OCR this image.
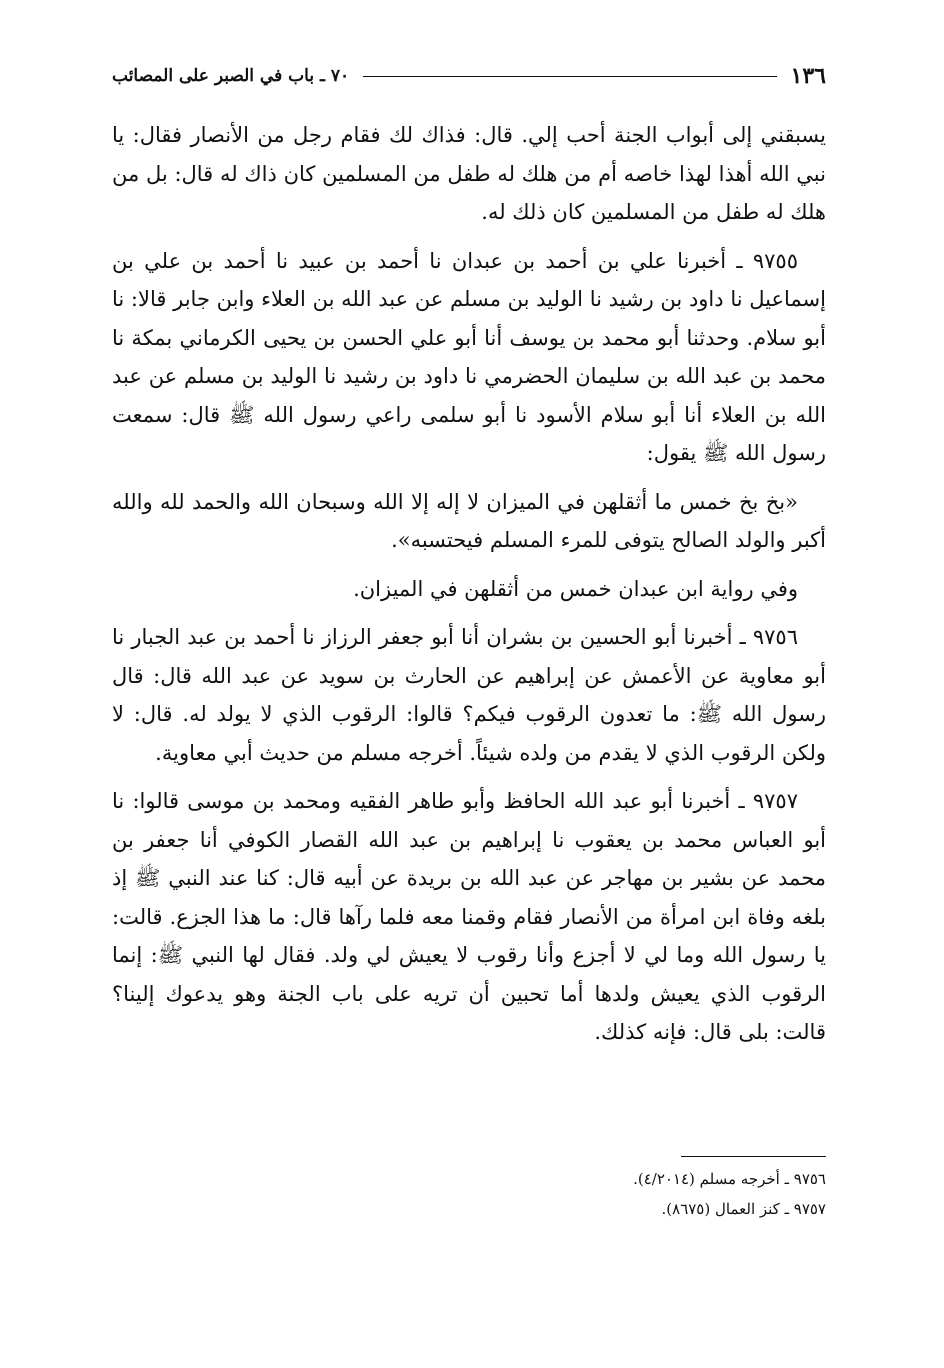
١٣٦
٧٠ ـ باب في الصبر على المصائب

يسبقني إلى أبواب الجنة أحب إلي. قال: فذاك لك فقام رجل من الأنصار فقال: يا نبي الله أهذا لهذا خاصه أم من هلك له طفل من المسلمين كان ذاك له قال: بل من هلك له طفل من المسلمين كان ذلك له.

٩٧٥٥ ـ أخبرنا علي بن أحمد بن عبدان نا أحمد بن عبيد نا أحمد بن علي بن إسماعيل نا داود بن رشيد نا الوليد بن مسلم عن عبد الله بن العلاء وابن جابر قالا: نا أبو سلام. وحدثنا أبو محمد بن يوسف أنا أبو علي الحسن بن يحيى الكرماني بمكة نا محمد بن عبد الله بن سليمان الحضرمي نا داود بن رشيد نا الوليد بن مسلم عن عبد الله بن العلاء أنا أبو سلام الأسود نا أبو سلمى راعي رسول الله ﷺ قال: سمعت رسول الله ﷺ يقول:

«بخ بخ خمس ما أثقلهن في الميزان لا إله إلا الله وسبحان الله والحمد لله والله أكبر والولد الصالح يتوفى للمرء المسلم فيحتسبه».

وفي رواية ابن عبدان خمس من أثقلهن في الميزان.

٩٧٥٦ ـ أخبرنا أبو الحسين بن بشران أنا أبو جعفر الرزاز نا أحمد بن عبد الجبار نا أبو معاوية عن الأعمش عن إبراهيم عن الحارث بن سويد عن عبد الله قال: قال رسول الله ﷺ: ما تعدون الرقوب فيكم؟ قالوا: الرقوب الذي لا يولد له. قال: لا ولكن الرقوب الذي لا يقدم من ولده شيئاً. أخرجه مسلم من حديث أبي معاوية.

٩٧٥٧ ـ أخبرنا أبو عبد الله الحافظ وأبو طاهر الفقيه ومحمد بن موسى قالوا: نا أبو العباس محمد بن يعقوب نا إبراهيم بن عبد الله القصار الكوفي أنا جعفر بن محمد عن بشير بن مهاجر عن عبد الله بن بريدة عن أبيه قال: كنا عند النبي ﷺ إذ بلغه وفاة ابن امرأة من الأنصار فقام وقمنا معه فلما رآها قال: ما هذا الجزع. قالت: يا رسول الله وما لي لا أجزع وأنا رقوب لا يعيش لي ولد. فقال لها النبي ﷺ: إنما الرقوب الذي يعيش ولدها أما تحبين أن تريه على باب الجنة وهو يدعوك إلينا؟ قالت: بلى قال: فإنه كذلك.

٩٧٥٦ ـ أخرجه مسلم (٤/٢٠١٤).

٩٧٥٧ ـ كنز العمال (٨٦٧٥).
